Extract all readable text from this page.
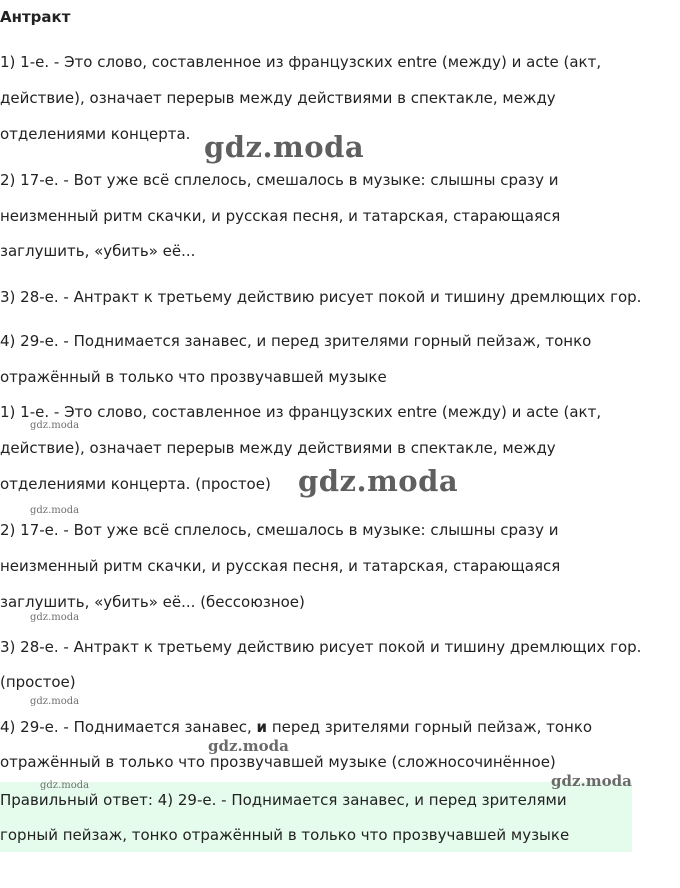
Антракт
1) 1-е. - Это слово, составленное из французских entre (между) и acte (акт,
действие), означает перерыв между действиями в спектакле, между
отделениями концерта.
2) 17-е. - Вот уже всё сплелось, смешалось в музыке: слышны сразу и
неизменный ритм скачки, и русская песня, и татарская, старающаяся
заглушить, «убить» её...
3) 28-е. - Антракт к третьему действию рисует покой и тишину дремлющих гор.
4) 29-е. - Поднимается занавес, и перед зрителями горный пейзаж, тонко
отражённый в только что прозвучавшей музыке
1) 1-е. - Это слово, составленное из французских entre (между) и acte (акт,
действие), означает перерыв между действиями в спектакле, между
отделениями концерта. (простое)
2) 17-е. - Вот уже всё сплелось, смешалось в музыке: слышны сразу и
неизменный ритм скачки, и русская песня, и татарская, старающаяся
заглушить, «убить» её... (бессоюзное)
3) 28-е. - Антракт к третьему действию рисует покой и тишину дремлющих гор.
(простое)
4) 29-е. - Поднимается занавес, и перед зрителями горный пейзаж, тонко
отражённый в только что прозвучавшей музыке (сложносочинённое)
Правильный ответ: 4) 29-е. - Поднимается занавес, и перед зрителями
горный пейзаж, тонко отражённый в только что прозвучавшей музыке
gdz.moda
gdz.moda
gdz.moda
gdz.moda
gdz.moda
gdz.moda
gdz.moda
gdz.moda	gdz.moda
